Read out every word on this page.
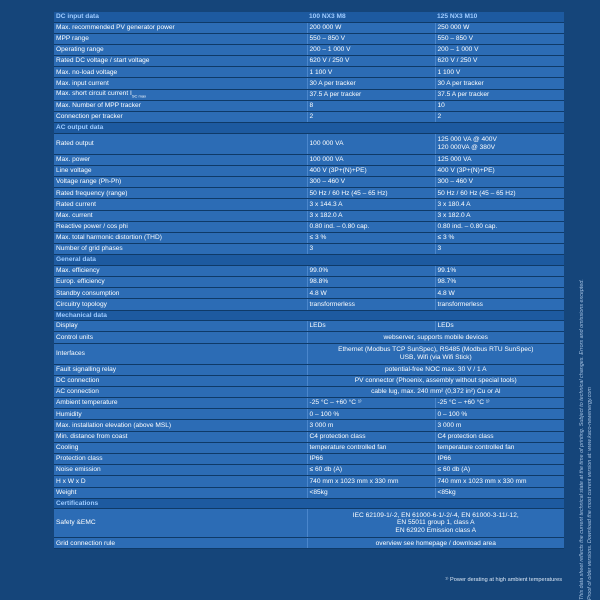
DC input data	100 NX3 M8	125 NX3 M10
Max. recommended PV generator power	200 000 W	250 000 W
MPP range	550 – 850 V	550 – 850 V
Operating range	200 – 1 000 V	200 – 1 000 V
Rated DC voltage / start voltage	620 V / 250 V	620 V / 250 V
Max. no-load voltage	1 100 V	1 100 V
Max. input current	30 A per tracker	30 A per tracker
Max. short circuit current $I_{SC max}$	37.5 A per tracker	37.5 A per tracker
Max. Number of MPP tracker	8	10
Connection per tracker	2	2
AC output data		
Rated output	100 000 VA	125 000 VA @ 400V
120 000VA @ 380V

Max. power	100 000 VA	125 000 VA
Line voltage	400 V (3P+(N)+PE)	400 V (3P+(N)+PE)
Voltage range (Ph-Ph)	300 – 460 V	300 – 460 V
Rated frequency (range)	50 Hz / 60 Hz (45 – 65 Hz)	50 Hz / 60 Hz (45 – 65 Hz)
Rated current	3 x 144.3 A	3 x 180.4 A
Max. current	3 x 182.0 A	3 x 182.0 A
Reactive power / cos phi	0.80 ind. – 0.80 cap.	0.80 ind. – 0.80 cap.
Max. total harmonic distortion (THD)	≤ 3 %	≤ 3 %
Number of grid phases	3	3
General data		
Max. efficiency	99.0%	99.1%
Europ. efficiency	98.8%	98.7%
Standby consumption	4.8 W	4.8 W
Circuitry topology	transformerless	transformerless
Mechanical data		
Display	LEDs	LEDs
Control units	webserver, supports mobile devices	
Interfaces	Ethernet (Modbus TCP SunSpec), RS485 (Modbus RTU SunSpec)
USB, Wifi (via Wifi Stick)	

Fault signalling relay	potential-free NOC max. 30 V / 1 A	
DC connection	PV connector (Phoenix, assembly without special tools)	
AC connection	cable lug, max. 240 mm² (0,372 in²) Cu or Al	
Ambient temperature	-25 °C – +60 °C ¹⁾	-25 °C – +60 °C ¹⁾
Humidity	0 – 100 %	0 – 100 %
Max. installation elevation (above MSL)	3 000 m	3 000 m
Min. distance from coast	C4 protection class	C4 protection class
Cooling	temperature controlled fan	temperature controlled fan
Protection class	IP66	IP66
Noise emission	≤ 60 db (A)	≤ 60 db (A)
H x W x D	740 mm x 1023 mm x 330 mm	740 mm x 1023 mm x 330 mm
Weight	<85kg	<85kg
Certifications		
Safety &EMC	IEC 62109-1/-2, EN 61000-6-1/-2/-4, EN 61000-3-11/-12,
EN 55011 group 1, class A
EN 62920 Emission class A	

Grid connection rule	overview see homepage / download area	
¹⁾ Power derating at high ambient temperatures	This data sheet reflects the current technical state at the time of printing. Subject to technical changes. Errors and omissions excepted. Proof of older versions. Download the most current version at: www.kaco-newenergy.com
